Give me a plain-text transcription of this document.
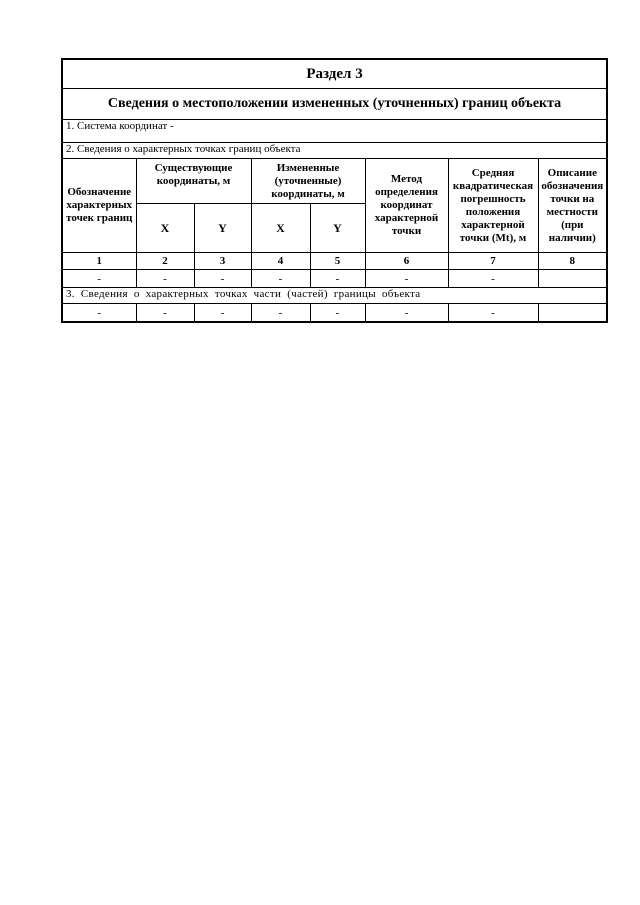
Раздел 3							
Сведения о местоположении измененных (уточненных) границ объекта							
1. Система координат -							
2. Сведения о характерных точках границ объекта							
Обозначение характерных точек границ	Существующие координаты, м		Измененные (уточненные) координаты, м		Метод определения координат характерной точки	Средняя квадратическая погрешность положения характерной точки (Mt), м	Описание обозначения точки на местности (при наличии)
	X	Y	X	Y			
1	2	3	4	5	6	7	8
-	-	-	-	-	-	-	
3. Сведения о характерных точках части (частей) границы объекта							
-	-	-	-	-	-	-	
